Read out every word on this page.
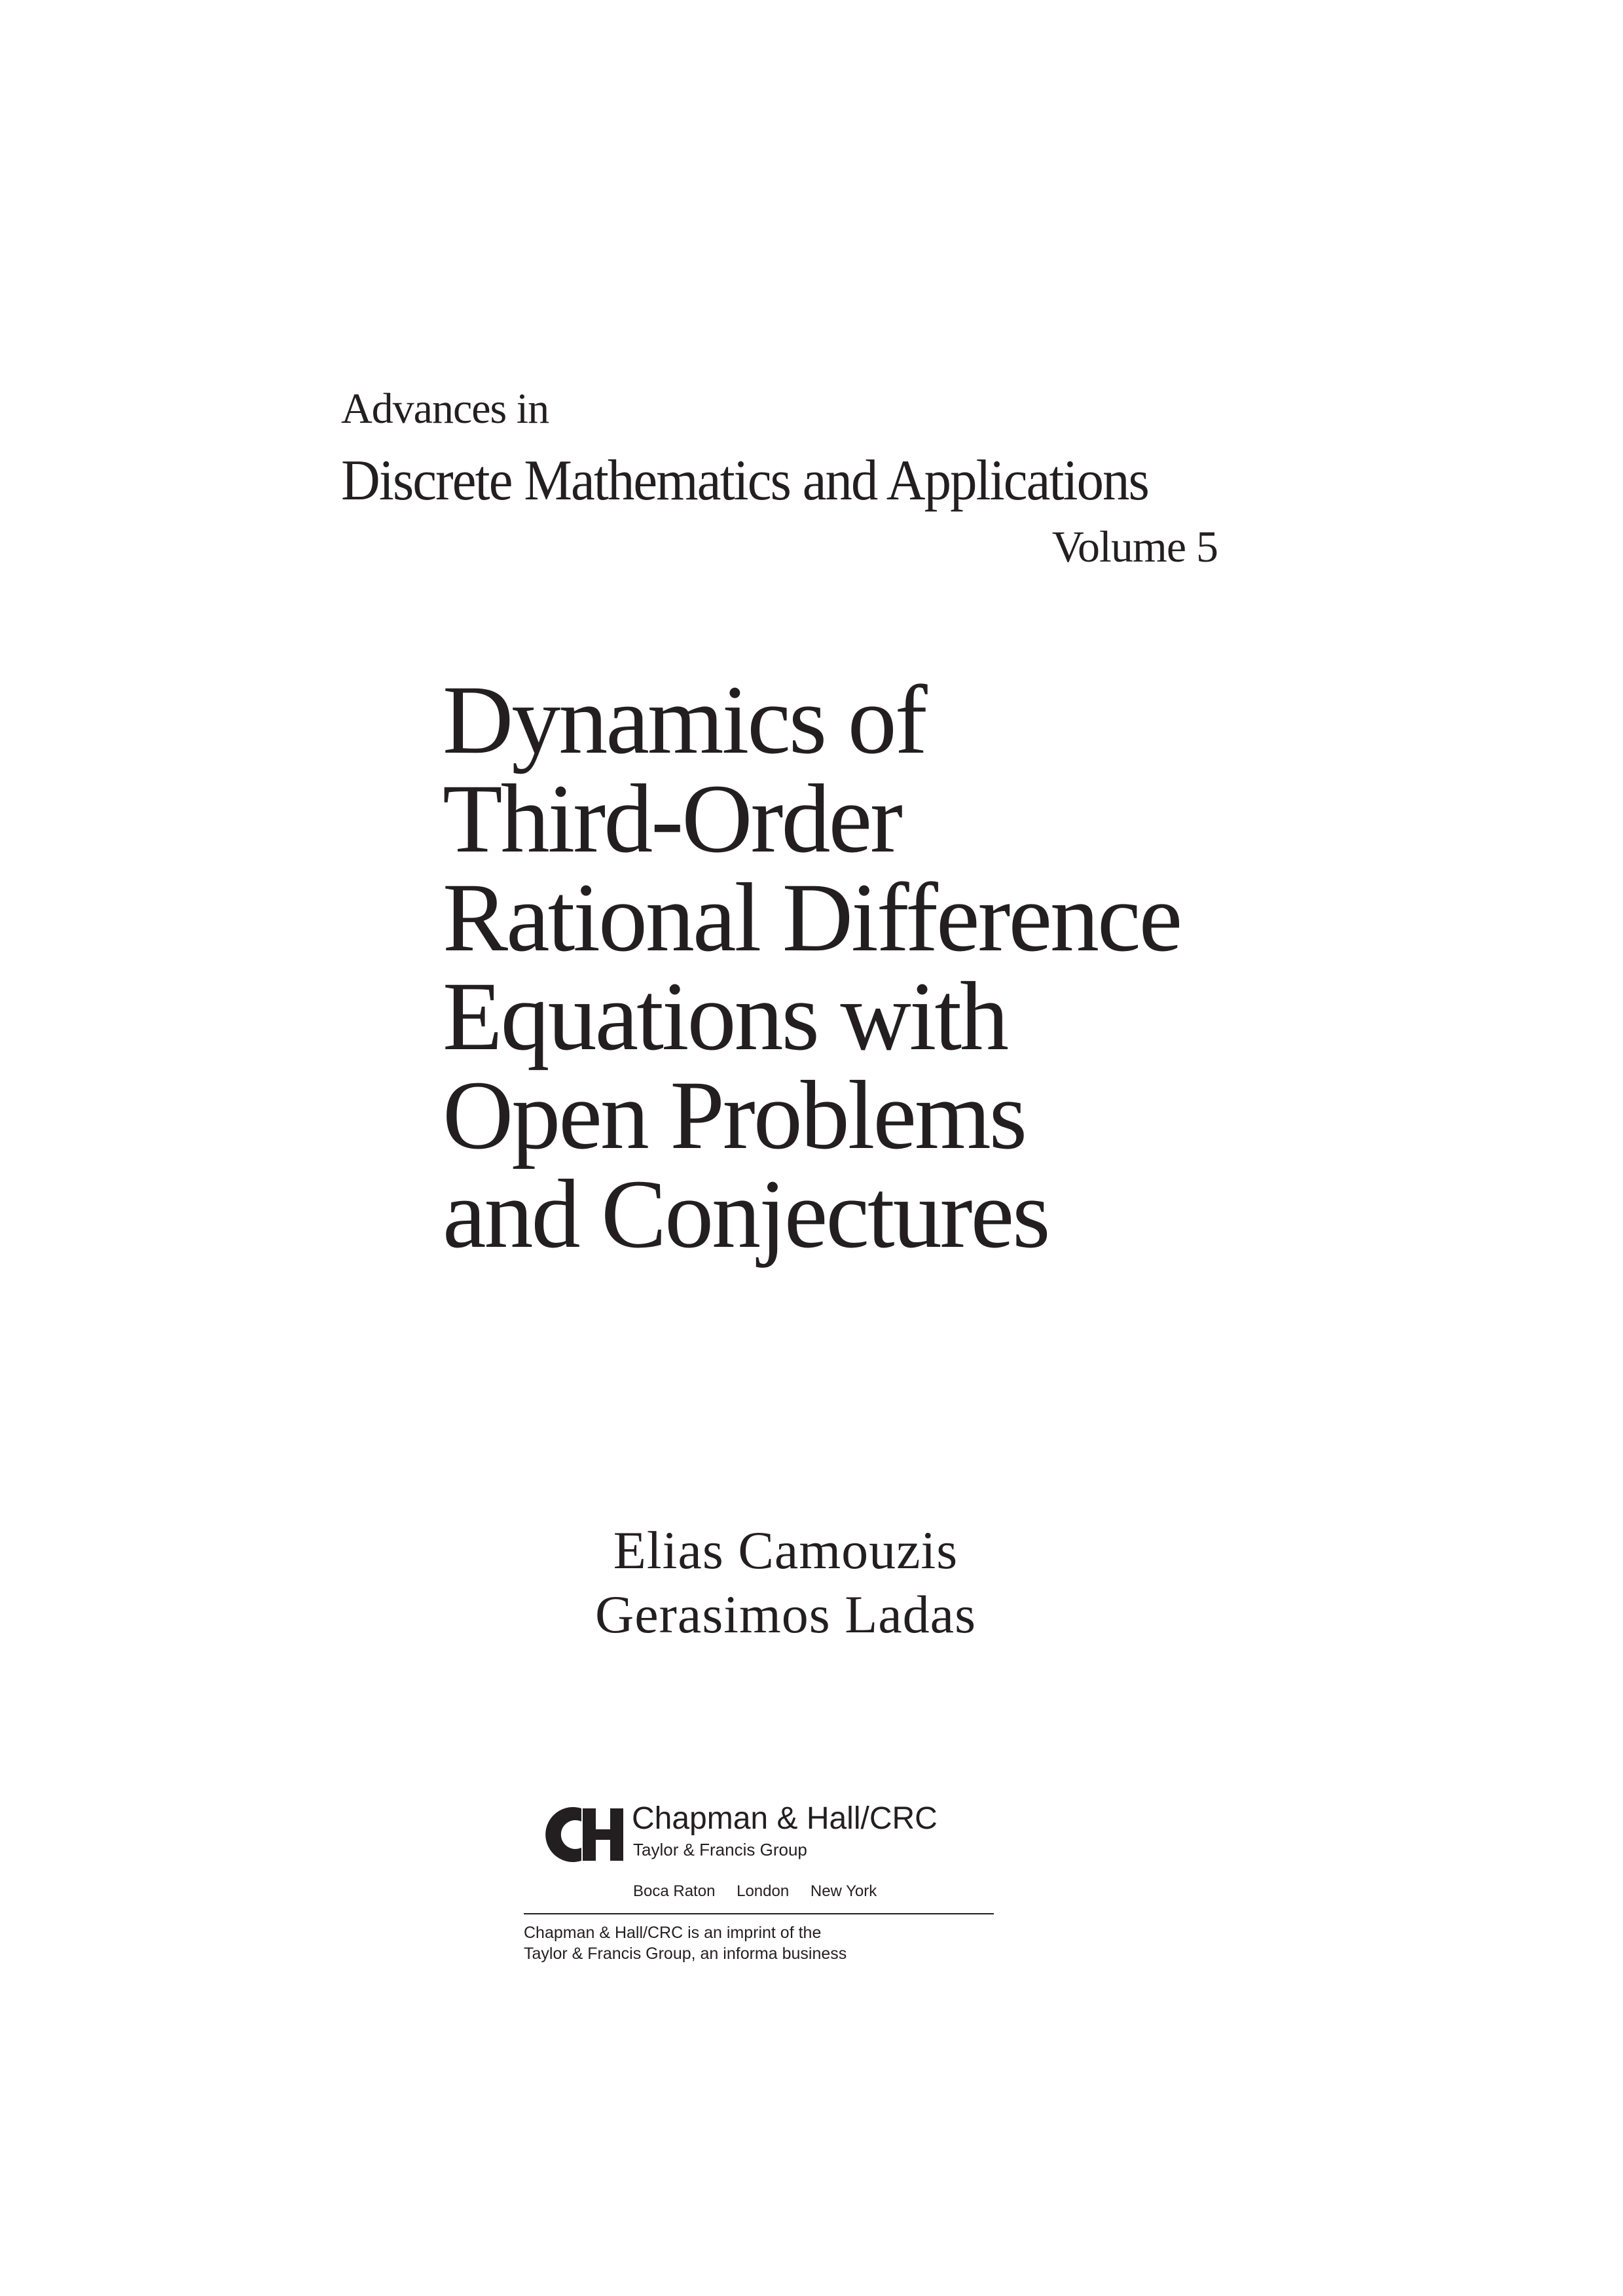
Advances in
Discrete Mathematics and Applications
Volume 5
Dynamics of
Third-Order
Rational Difference
Equations with
Open Problems
and Conjectures
Elias Camouzis
Gerasimos Ladas
Chapman & Hall/CRC
Taylor & Francis Group
Boca Raton London New York
Chapman & Hall/CRC is an imprint of the
Taylor & Francis Group, an informa business
